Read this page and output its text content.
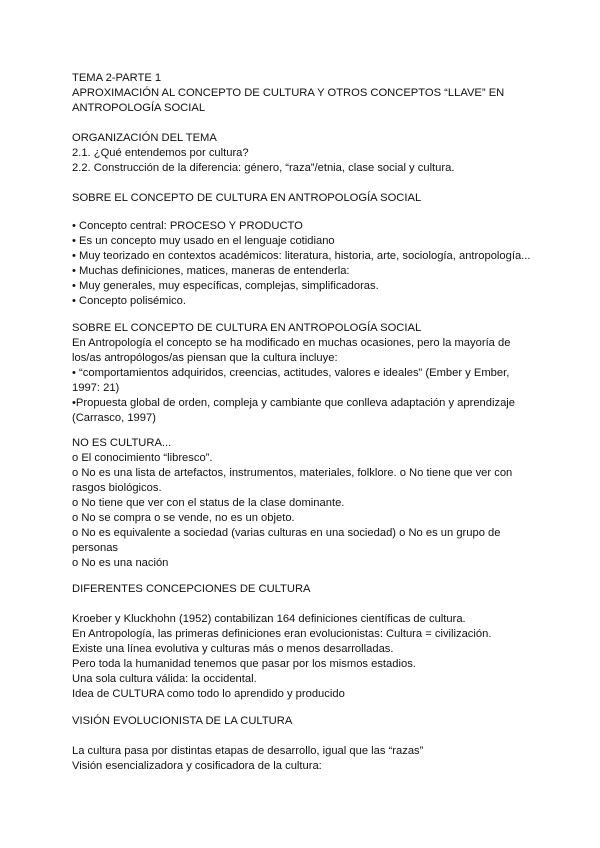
TEMA 2-PARTE 1
APROXIMACIÓN AL CONCEPTO DE CULTURA Y OTROS CONCEPTOS “LLAVE” EN
ANTROPOLOGÍA SOCIAL
ORGANIZACIÓN DEL TEMA
2.1. ¿Qué entendemos por cultura?
2.2. Construcción de la diferencia: género, “raza”/etnia, clase social y cultura.
SOBRE EL CONCEPTO DE CULTURA EN ANTROPOLOGÍA SOCIAL
• Concepto central: PROCESO Y PRODUCTO
• Es un concepto muy usado en el lenguaje cotidiano
• Muy teorizado en contextos académicos: literatura, historia, arte, sociología, antropología...
• Muchas definiciones, matices, maneras de entenderla:
• Muy generales, muy específicas, complejas, simplificadoras.
• Concepto polisémico.
SOBRE EL CONCEPTO DE CULTURA EN ANTROPOLOGÍA SOCIAL
En Antropología el concepto se ha modificado en muchas ocasiones, pero la mayoría de
los/as antropólogos/as piensan que la cultura incluye:
• “comportamientos adquiridos, creencias, actitudes, valores e ideales” (Ember y Ember,
1997: 21)
•Propuesta global de orden, compleja y cambiante que conlleva adaptación y aprendizaje
(Carrasco, 1997)
NO ES CULTURA...
o El conocimiento “libresco”.
o No es una lista de artefactos, instrumentos, materiales, folklore. o No tiene que ver con
rasgos biológicos.
o No tiene que ver con el status de la clase dominante.
o No se compra o se vende, no es un objeto.
o No es equivalente a sociedad (varias culturas en una sociedad) o No es un grupo de
personas
o No es una nación
DIFERENTES CONCEPCIONES DE CULTURA
Kroeber y Kluckhohn (1952) contabilizan 164 definiciones científicas de cultura.
En Antropología, las primeras definiciones eran evolucionistas: Cultura = civilización.
Existe una línea evolutiva y culturas más o menos desarrolladas.
Pero toda la humanidad tenemos que pasar por los mismos estadios.
Una sola cultura válida: la occidental.
Idea de CULTURA como todo lo aprendido y producido
VISIÓN EVOLUCIONISTA DE LA CULTURA
La cultura pasa por distintas etapas de desarrollo, igual que las “razas”
Visión esencializadora y cosificadora de la cultura:
